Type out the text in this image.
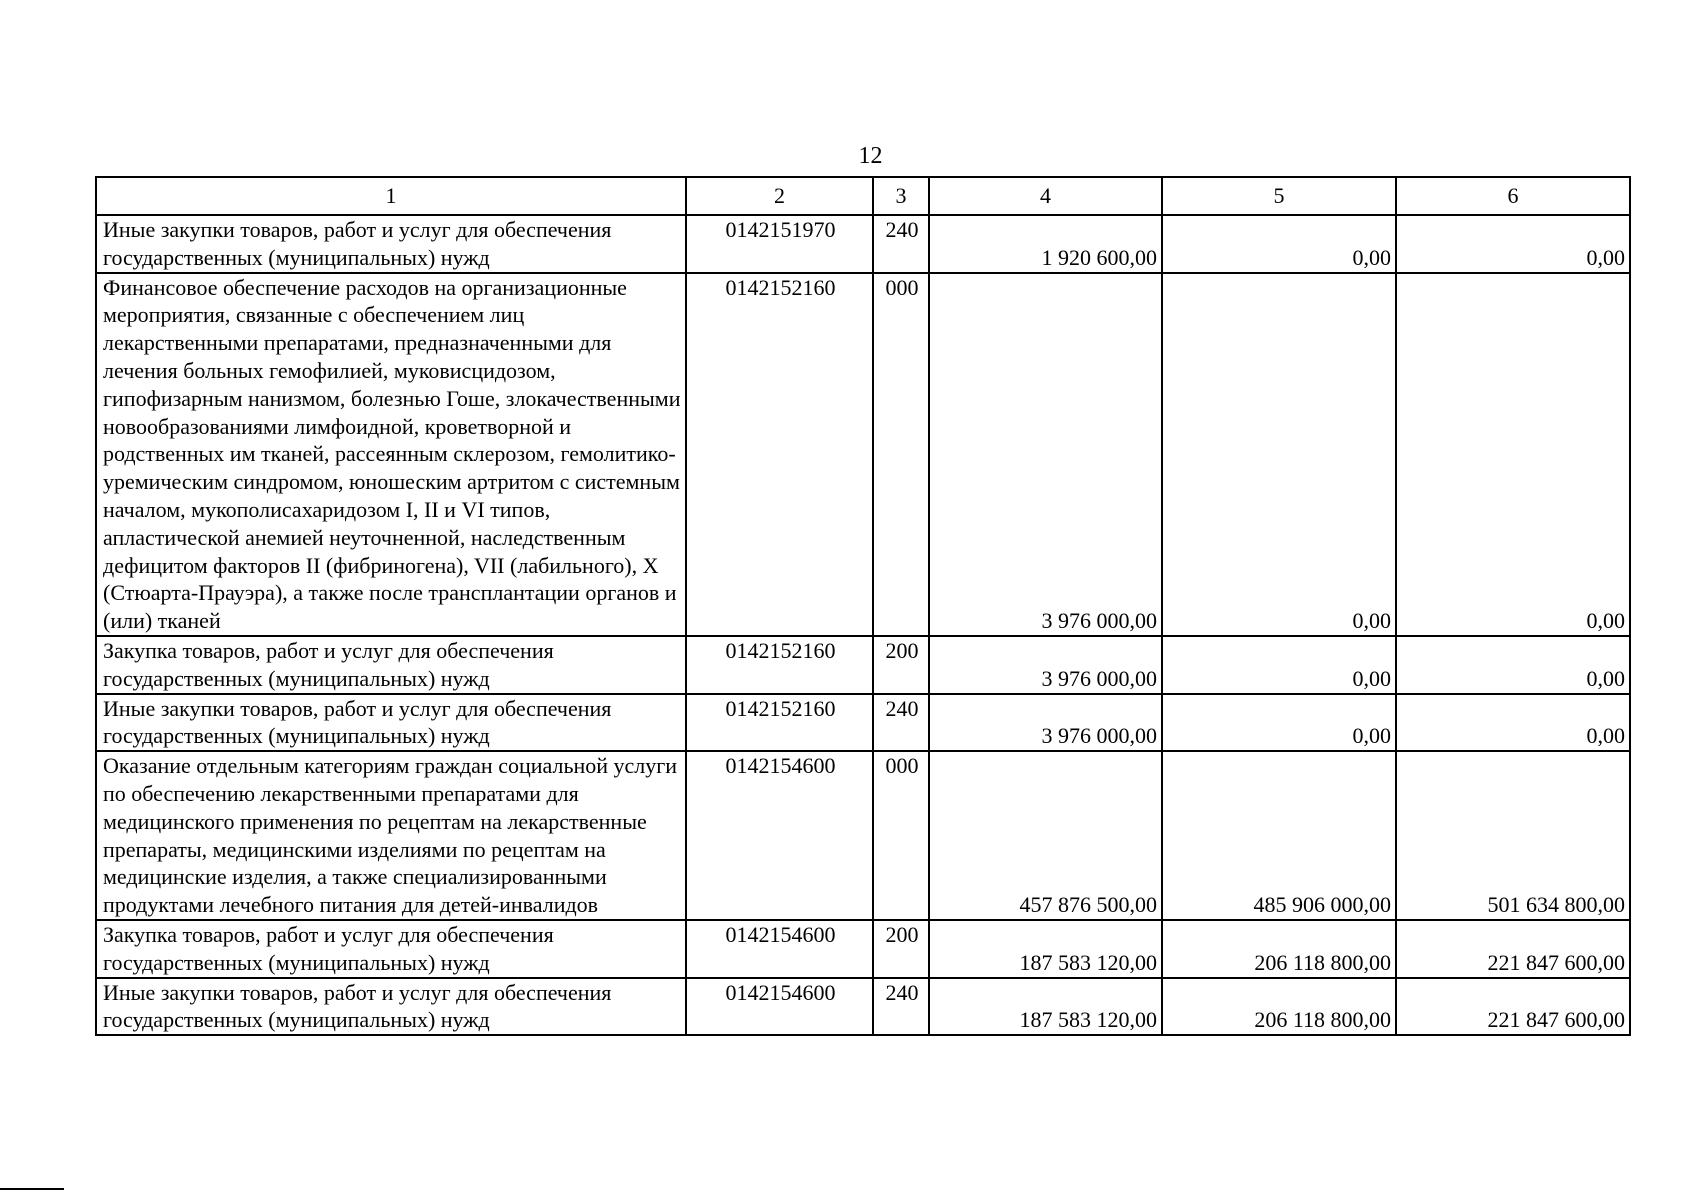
12
1	2	3	4	5	6
Иные закупки товаров, работ и услуг для обеспечения государственных (муниципальных) нужд	0142151970	240	1 920 600,00	0,00	0,00
Финансовое обеспечение расходов на организационные мероприятия, связанные с обеспечением лиц лекарственными препаратами, предназначенными для лечения больных гемофилией, муковисцидозом, гипофизарным нанизмом, болезнью Гоше, злокачественными новообразованиями лимфоидной, кроветворной и родственных им тканей, рассеянным склерозом, гемолитико-уремическим синдромом, юношеским артритом с системным началом, мукополисахаридозом I, II и VI типов, апластической анемией неуточненной, наследственным дефицитом факторов II (фибриногена), VII (лабильного), X (Стюарта-Прауэра), а также после трансплантации органов и (или) тканей	0142152160	000	3 976 000,00	0,00	0,00
Закупка товаров, работ и услуг для обеспечения государственных (муниципальных) нужд	0142152160	200	3 976 000,00	0,00	0,00
Иные закупки товаров, работ и услуг для обеспечения государственных (муниципальных) нужд	0142152160	240	3 976 000,00	0,00	0,00
Оказание отдельным категориям граждан социальной услуги по обеспечению лекарственными препаратами для медицинского применения по рецептам на лекарственные препараты, медицинскими изделиями по рецептам на медицинские изделия, а также специализированными продуктами лечебного питания для детей-инвалидов	0142154600	000	457 876 500,00	485 906 000,00	501 634 800,00
Закупка товаров, работ и услуг для обеспечения государственных (муниципальных) нужд	0142154600	200	187 583 120,00	206 118 800,00	221 847 600,00
Иные закупки товаров, работ и услуг для обеспечения государственных (муниципальных) нужд	0142154600	240	187 583 120,00	206 118 800,00	221 847 600,00
